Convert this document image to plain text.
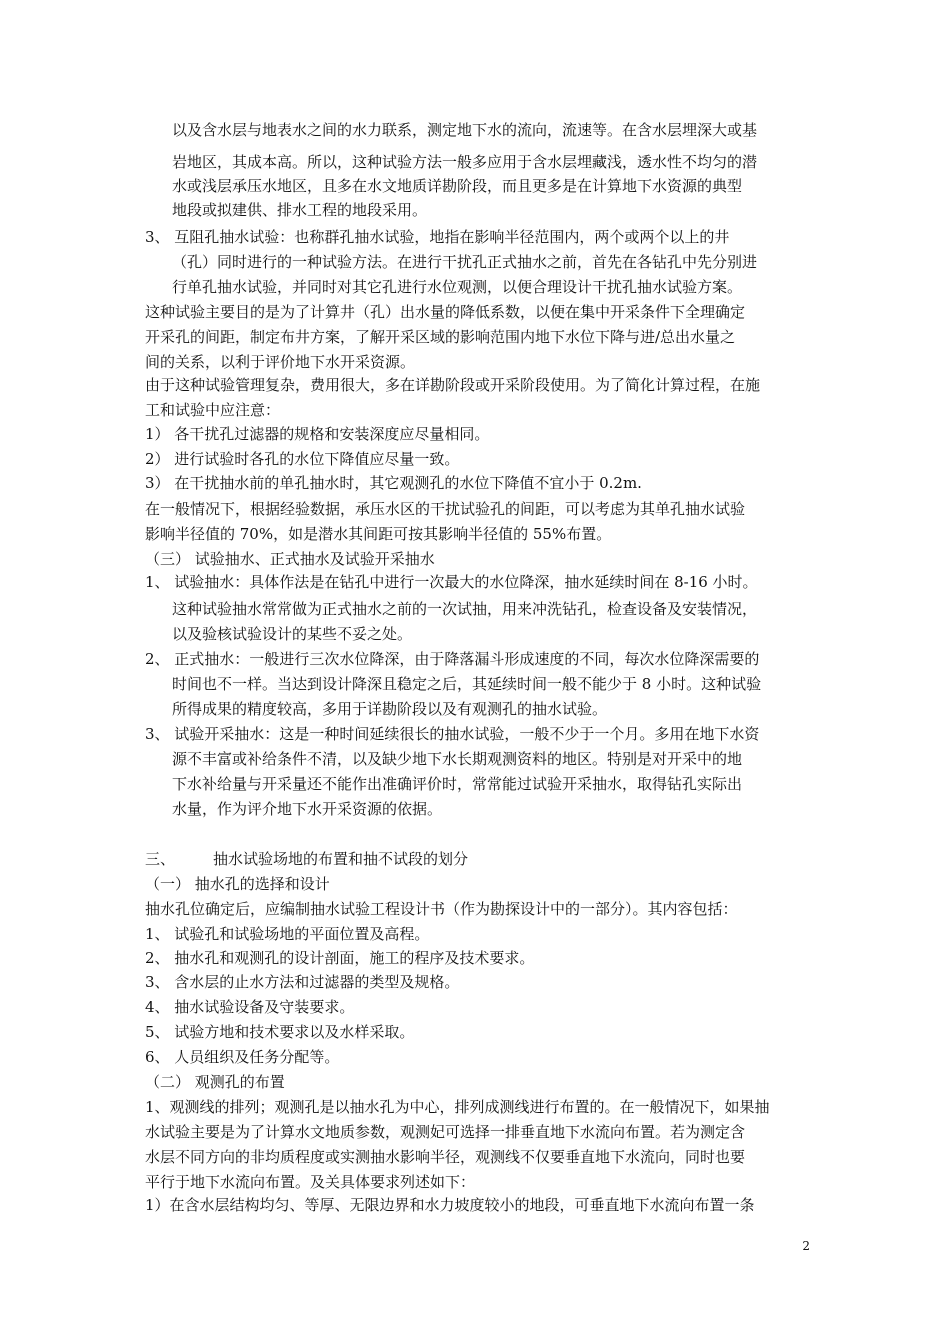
以及含水层与地表水之间的水力联系，测定地下水的流向，流速等。在含水层埋深大或基
岩地区，其成本高。所以，这种试验方法一般多应用于含水层埋藏浅，透水性不均匀的潜
水或浅层承压水地区，且多在水文地质详勘阶段，而且更多是在计算地下水资源的典型
地段或拟建供、排水工程的地段采用。
3、 互阻孔抽水试验：也称群孔抽水试验，地指在影响半径范围内，两个或两个以上的井
（孔）同时进行的一种试验方法。在进行干扰孔正式抽水之前，首先在各钻孔中先分别进
行单孔抽水试验，并同时对其它孔进行水位观测，以便合理设计干扰孔抽水试验方案。
这种试验主要目的是为了计算井（孔）出水量的降低系数，以便在集中开采条件下全理确定
开采孔的间距，制定布井方案，了解开采区域的影响范围内地下水位下降与进/总出水量之
间的关系，以利于评价地下水开采资源。
由于这种试验管理复杂，费用很大，多在详勘阶段或开采阶段使用。为了简化计算过程，在施
工和试验中应注意：
1） 各干扰孔过滤器的规格和安装深度应尽量相同。
2） 进行试验时各孔的水位下降值应尽量一致。
3） 在干扰抽水前的单孔抽水时，其它观测孔的水位下降值不宜小于 0.2m.
在一般情况下，根据经验数据，承压水区的干扰试验孔的间距，可以考虑为其单孔抽水试验
影响半径值的 70%，如是潜水其间距可按其影响半径值的 55%布置。
（三） 试验抽水、正式抽水及试验开采抽水
1、 试验抽水：具体作法是在钻孔中进行一次最大的水位降深，抽水延续时间在 8-16 小时。
这种试验抽水常常做为正式抽水之前的一次试抽，用来冲洗钻孔，检查设备及安装情况，
以及验核试验设计的某些不妥之处。
2、 正式抽水：一般进行三次水位降深，由于降落漏斗形成速度的不同，每次水位降深需要的
时间也不一样。当达到设计降深且稳定之后，其延续时间一般不能少于 8 小时。这种试验
所得成果的精度较高，多用于详勘阶段以及有观测孔的抽水试验。
3、 试验开采抽水：这是一种时间延续很长的抽水试验，一般不少于一个月。多用在地下水资
源不丰富或补给条件不清，以及缺少地下水长期观测资料的地区。特别是对开采中的地
下水补给量与开采量还不能作出准确评价时，常常能过试验开采抽水，取得钻孔实际出
水量，作为评介地下水开采资源的依据。
三、	抽水试验场地的布置和抽不试段的划分
（一） 抽水孔的选择和设计
抽水孔位确定后，应编制抽水试验工程设计书（作为勘探设计中的一部分）。其内容包括：
1、 试验孔和试验场地的平面位置及高程。
2、 抽水孔和观测孔的设计剖面，施工的程序及技术要求。
3、 含水层的止水方法和过滤器的类型及规格。
4、 抽水试验设备及守装要求。
5、 试验方地和技术要求以及水样采取。
6、 人员组织及任务分配等。
（二） 观测孔的布置
1、观测线的排列；观测孔是以抽水孔为中心，排列成测线进行布置的。在一般情况下，如果抽
水试验主要是为了计算水文地质参数，观测妃可选择一排垂直地下水流向布置。若为测定含
水层不同方向的非均质程度或实测抽水影响半径，观测线不仅要垂直地下水流向，同时也要
平行于地下水流向布置。及关具体要求列述如下：
1）在含水层结构均匀、等厚、无限边界和水力坡度较小的地段，可垂直地下水流向布置一条
2
